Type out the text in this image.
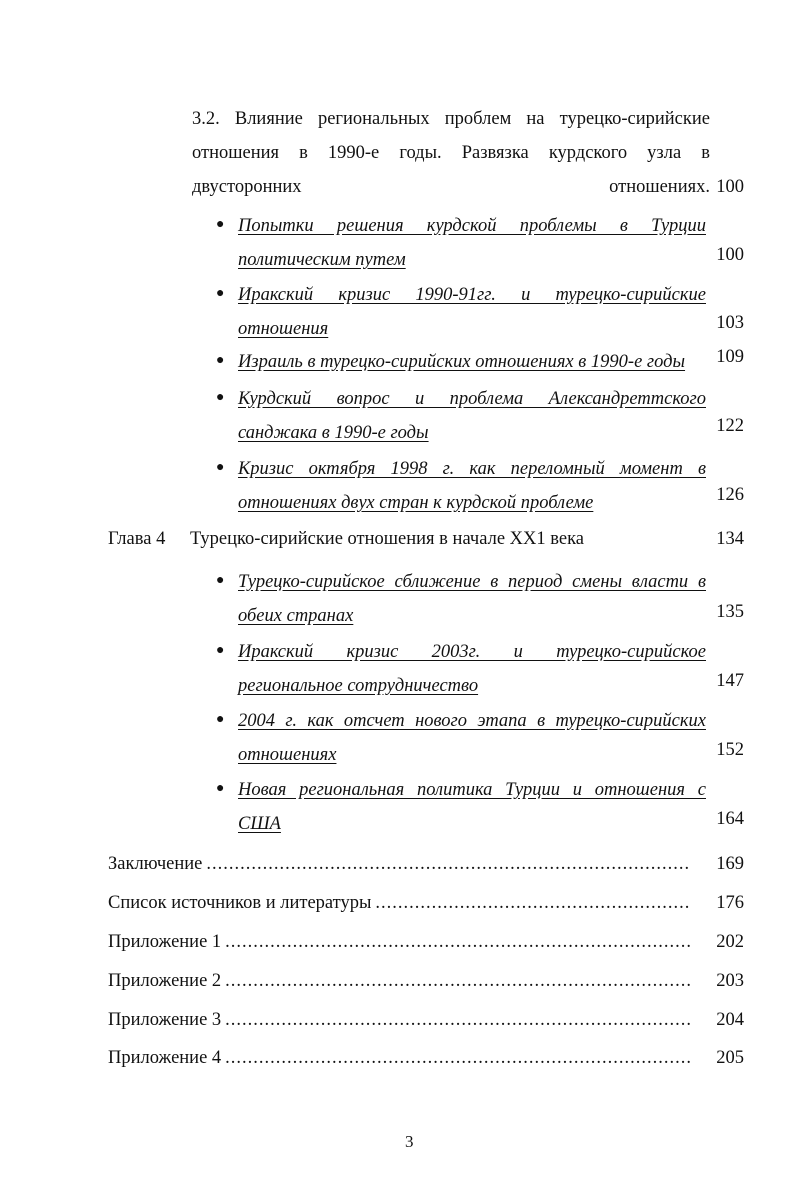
3.2. Влияние региональных проблем на турецко-сирийские
отношения в 1990-е годы. Развязка курдского узла в
двусторонних отношениях. 100
● Попытки решения курдской проблемы в Турции
политическим путем	100
● Иракский кризис 1990-91гг. и турецко-сирийские
отношения	103
● Израиль в турецко-сирийских отношениях в 1990-е годы	109
● Курдский вопрос и проблема Александреттского
санджака в 1990-е годы	122
● Кризис октября 1998 г. как переломный момент в
отношениях двух стран к курдской проблеме	126
Глава 4 Турецко-сирийские отношения в начале ХХ1 века	134
● Турецко-сирийское сближение в период смены власти в
обеих странах	135
● Иракский кризис 2003г. и турецко-сирийское
региональное сотрудничество	147
● 2004 г. как отсчет нового этапа в турецко-сирийских
отношениях	152
● Новая региональная политика Турции и отношения с
США	164
Заключение .....	169
Список источников и литературы .....	176
Приложение 1 .....	202
Приложение 2 .....	203
Приложение 3 .....	204
Приложение 4 .....	205
3
